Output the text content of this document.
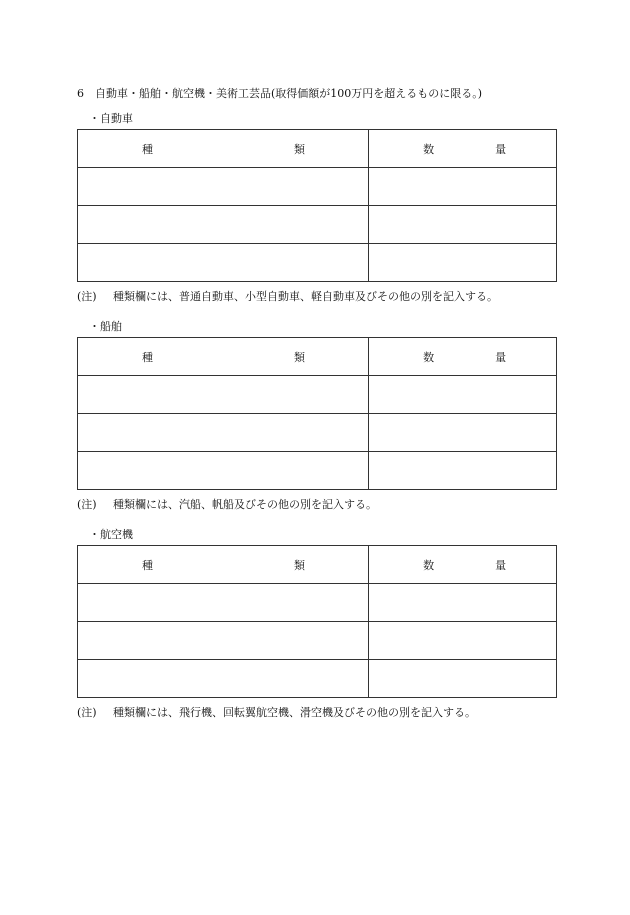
6 自動車・船舶・航空機・美術工芸品(取得価額が100万円を超えるものに限る。)
・自動車
種 類	数 量

(注) 種類欄には、普通自動車、小型自動車、軽自動車及びその他の別を記入する。
・船舶
種 類	数 量

(注) 種類欄には、汽船、帆船及びその他の別を記入する。
・航空機
種 類	数 量

(注) 種類欄には、飛行機、回転翼航空機、滑空機及びその他の別を記入する。
